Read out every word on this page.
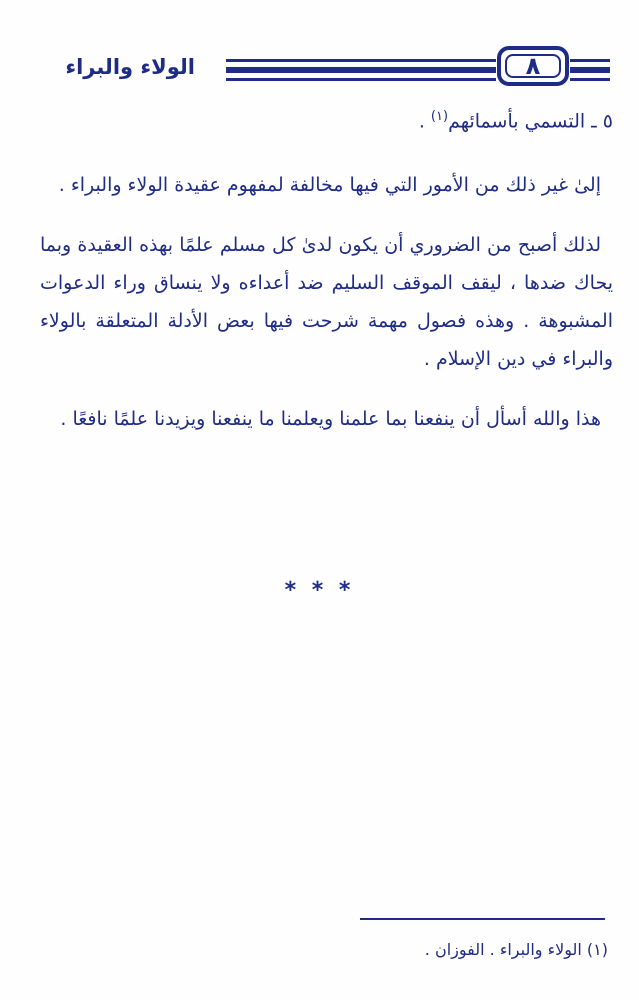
الولاء والبراء	٨

٥ ـ التسمي بأسمائهم$^{(١)}$ .

إلىٰ غير ذلك من الأمور التي فيها مخالفة لمفهوم عقيدة الولاء والبراء .

لذلك أصبح من الضروري أن يكون لدىٰ كل مسلم علمًا بهذه العقيدة وبما يحاك ضدها ، ليقف الموقف السليم ضد أعداءه ولا ينساق وراء الدعوات المشبوهة . وهذه فصول مهمة شرحت فيها بعض الأدلة المتعلقة بالولاء والبراء في دين الإسلام .

هذا والله أسأل أن ينفعنا بما علمنا ويعلمنا ما ينفعنا ويزيدنا علمًا نافعًا .

* * *
(١) الولاء والبراء . الفوزان .
